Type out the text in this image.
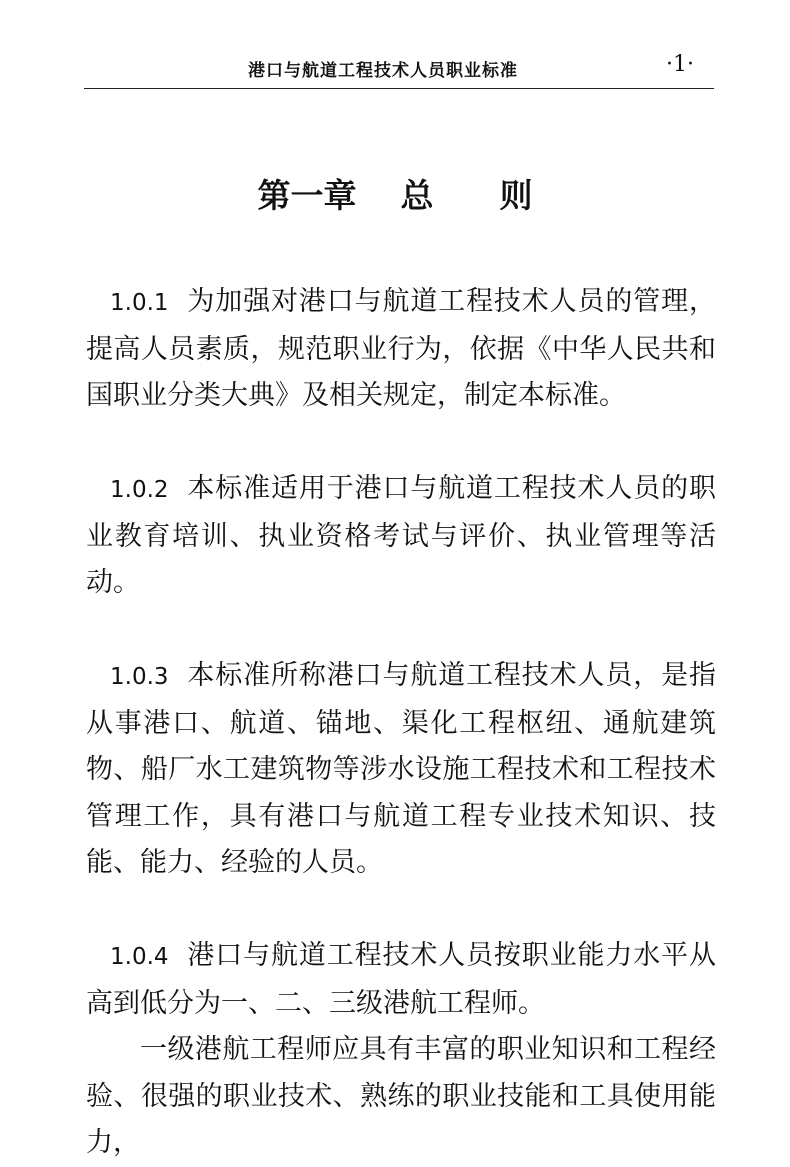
港口与航道工程技术人员职业标准	·1·
第一章 总 则

1.0.1 为加强对港口与航道工程技术人员的管理，提高人员素质，规范职业行为，依据《中华人民共和国职业分类大典》及相关规定，制定本标准。

1.0.2 本标准适用于港口与航道工程技术人员的职业教育培训、执业资格考试与评价、执业管理等活动。

1.0.3 本标准所称港口与航道工程技术人员，是指从事港口、航道、锚地、渠化工程枢纽、通航建筑物、船厂水工建筑物等涉水设施工程技术和工程技术管理工作，具有港口与航道工程专业技术知识、技能、能力、经验的人员。

1.0.4 港口与航道工程技术人员按职业能力水平从高到低分为一、二、三级港航工程师。

一级港航工程师应具有丰富的职业知识和工程经验、很强的职业技术、熟练的职业技能和工具使用能力，
